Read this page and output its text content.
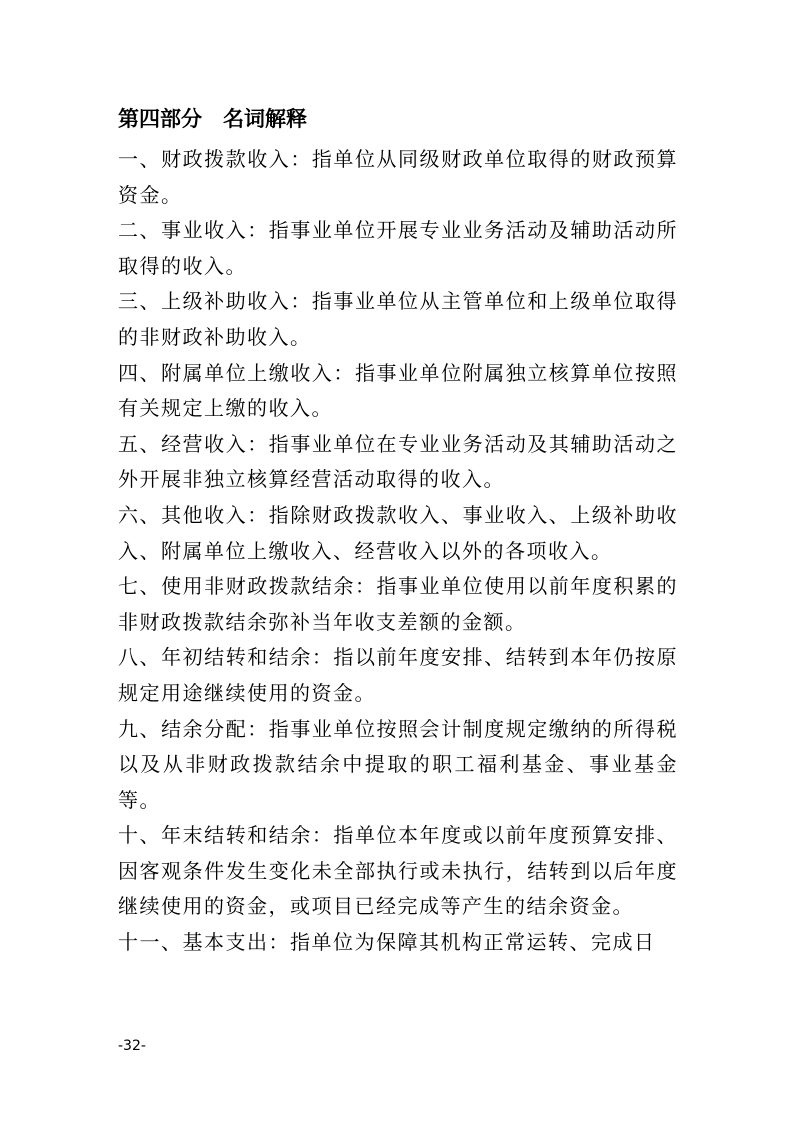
第四部分　名词解释

一、财政拨款收入：指单位从同级财政单位取得的财政预算资金。

二、事业收入：指事业单位开展专业业务活动及辅助活动所取得的收入。

三、上级补助收入：指事业单位从主管单位和上级单位取得的非财政补助收入。

四、附属单位上缴收入：指事业单位附属独立核算单位按照有关规定上缴的收入。

五、经营收入：指事业单位在专业业务活动及其辅助活动之外开展非独立核算经营活动取得的收入。

六、其他收入：指除财政拨款收入、事业收入、上级补助收入、附属单位上缴收入、经营收入以外的各项收入。

七、使用非财政拨款结余：指事业单位使用以前年度积累的非财政拨款结余弥补当年收支差额的金额。

八、年初结转和结余：指以前年度安排、结转到本年仍按原规定用途继续使用的资金。

九、结余分配：指事业单位按照会计制度规定缴纳的所得税以及从非财政拨款结余中提取的职工福利基金、事业基金等。

十、年末结转和结余：指单位本年度或以前年度预算安排、因客观条件发生变化未全部执行或未执行，结转到以后年度继续使用的资金，或项目已经完成等产生的结余资金。

十一、基本支出：指单位为保障其机构正常运转、完成日

-32-
